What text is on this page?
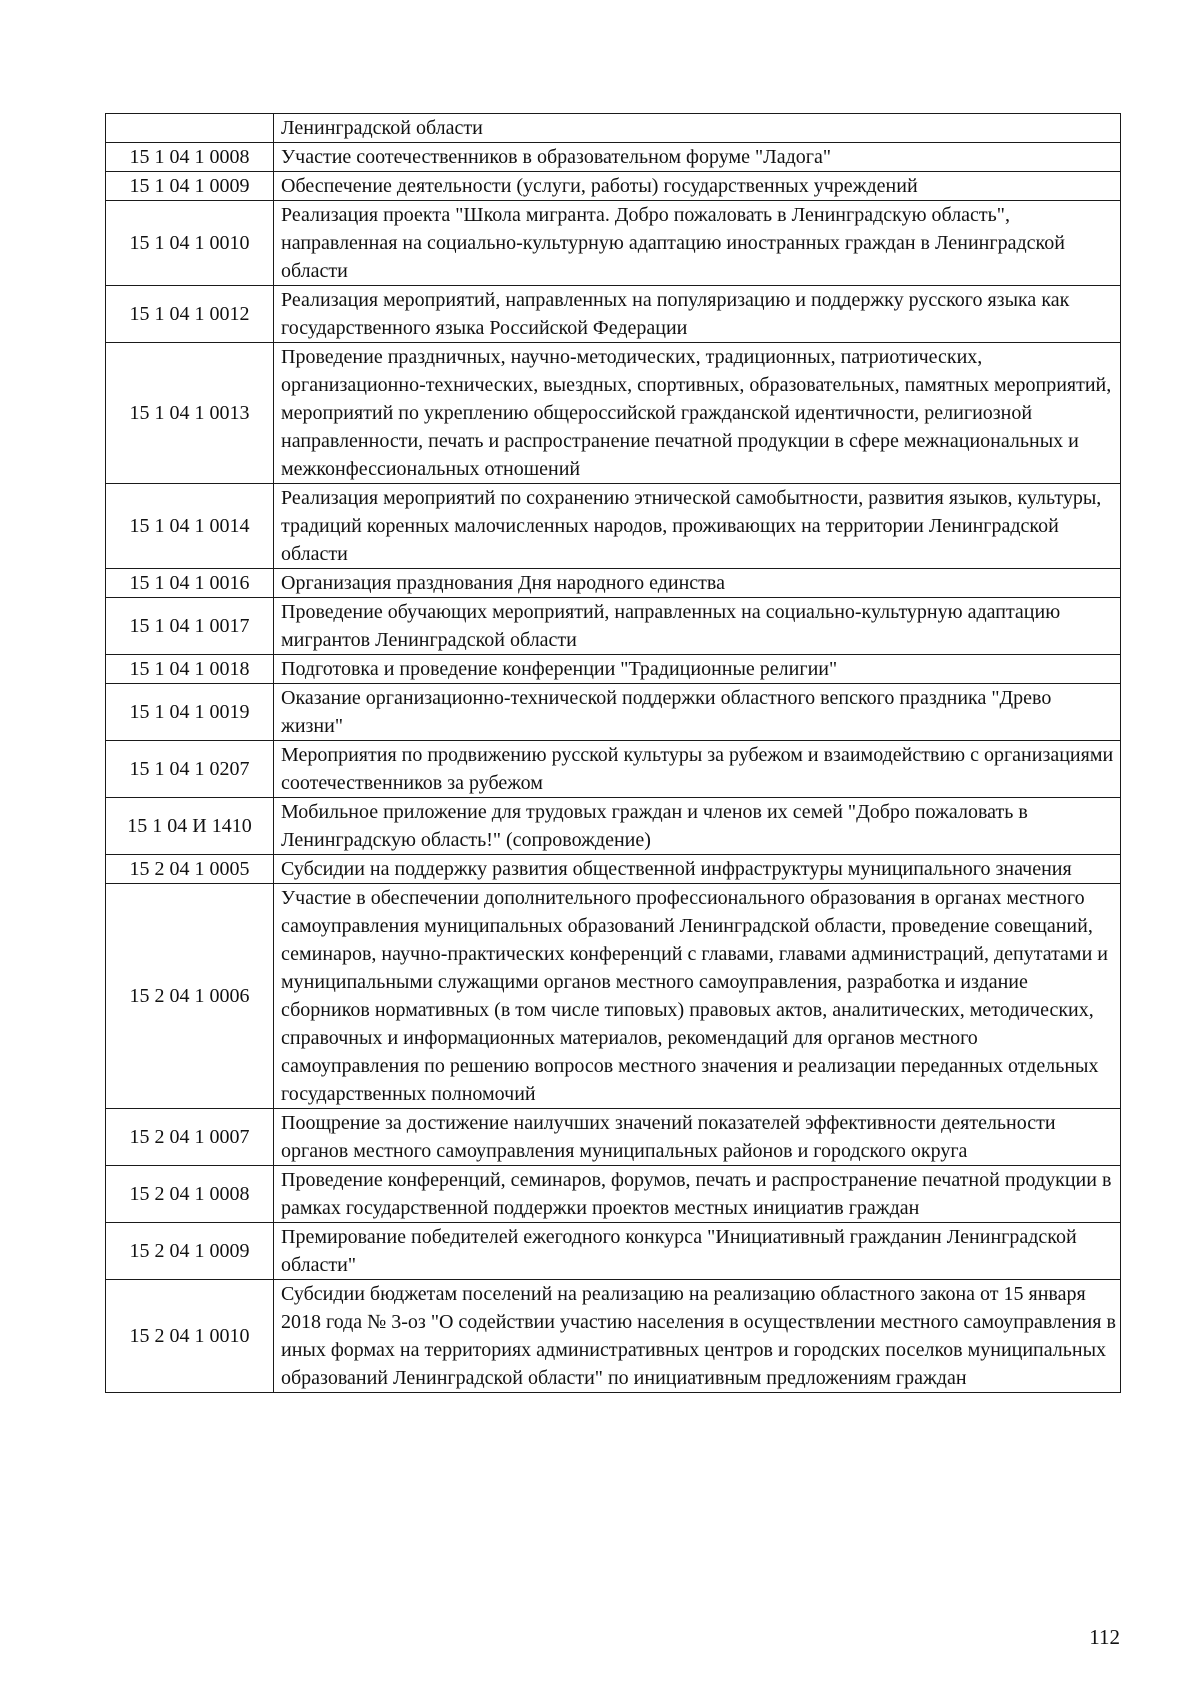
	Ленинградской области
15 1 04 1 0008	Участие соотечественников в образовательном форуме "Ладога"
15 1 04 1 0009	Обеспечение деятельности (услуги, работы) государственных учреждений
15 1 04 1 0010	Реализация проекта "Школа мигранта. Добро пожаловать в Ленинградскую область", направленная на социально-культурную адаптацию иностранных граждан в Ленинградской области
15 1 04 1 0012	Реализация мероприятий, направленных на популяризацию и поддержку русского языка как государственного языка Российской Федерации
15 1 04 1 0013	Проведение праздничных, научно-методических, традиционных, патриотических, организационно-технических, выездных, спортивных, образовательных, памятных мероприятий, мероприятий по укреплению общероссийской гражданской идентичности, религиозной направленности, печать и распространение печатной продукции в сфере межнациональных и межконфессиональных отношений
15 1 04 1 0014	Реализация мероприятий по сохранению этнической самобытности, развития языков, культуры, традиций коренных малочисленных народов, проживающих на территории Ленинградской области
15 1 04 1 0016	Организация празднования Дня народного единства
15 1 04 1 0017	Проведение обучающих мероприятий, направленных на социально-культурную адаптацию мигрантов Ленинградской области
15 1 04 1 0018	Подготовка и проведение конференции "Традиционные религии"
15 1 04 1 0019	Оказание организационно-технической поддержки областного вепского праздника "Древо жизни"
15 1 04 1 0207	Мероприятия по продвижению русской культуры за рубежом и взаимодействию с организациями соотечественников за рубежом
15 1 04 И 1410	Мобильное приложение для трудовых граждан и членов их семей "Добро пожаловать в Ленинградскую область!" (сопровождение)
15 2 04 1 0005	Субсидии на поддержку развития общественной инфраструктуры муниципального значения
15 2 04 1 0006	Участие в обеспечении дополнительного профессионального образования в органах местного самоуправления муниципальных образований Ленинградской области, проведение совещаний, семинаров, научно-практических конференций с главами, главами администраций, депутатами и муниципальными служащими органов местного самоуправления, разработка и издание сборников нормативных (в том числе типовых) правовых актов, аналитических, методических, справочных и информационных материалов, рекомендаций для органов местного самоуправления по решению вопросов местного значения и реализации переданных отдельных государственных полномочий
15 2 04 1 0007	Поощрение за достижение наилучших значений показателей эффективности деятельности органов местного самоуправления муниципальных районов и городского округа
15 2 04 1 0008	Проведение конференций, семинаров, форумов, печать и распространение печатной продукции в рамках государственной поддержки проектов местных инициатив граждан
15 2 04 1 0009	Премирование победителей ежегодного конкурса "Инициативный гражданин Ленинградской области"
15 2 04 1 0010	Субсидии бюджетам поселений на реализацию на реализацию областного закона от 15 января 2018 года № 3-оз "О содействии участию населения в осуществлении местного самоуправления в иных формах на территориях административных центров и городских поселков муниципальных образований Ленинградской области" по инициативным предложениям граждан
112
